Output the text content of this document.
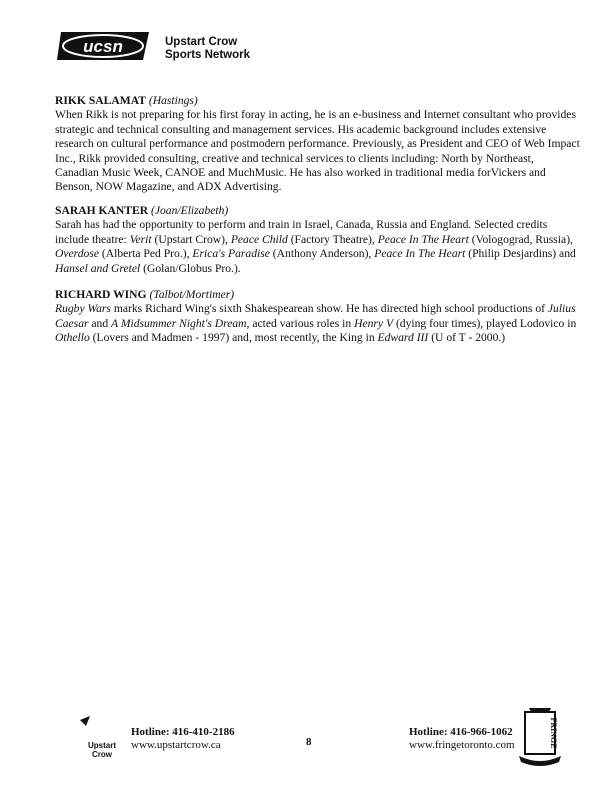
ucsn	Upstart Crow
Sports Network

RIKK SALAMAT (Hastings)

When Rikk is not preparing for his first foray in acting, he is an e-business and Internet consultant who provides strategic and technical consulting and management services. His academic background includes extensive research on cultural performance and postmodern performance. Previously, as President and CEO of Web Impact Inc., Rikk provided consulting, creative and technical services to clients including: North by Northeast, Canadian Music Week, CANOE and MuchMusic. He has also worked in traditional media forVickers and Benson, NOW Magazine, and ADX Advertising.

SARAH KANTER (Joan/Elizabeth)

Sarah has had the opportunity to perform and train in Israel, Canada, Russia and England. Selected credits include theatre: Verit (Upstart Crow), Peace Child (Factory Theatre), Peace In The Heart (Vologograd, Russia), Overdose (Alberta Ped Pro.), Erica's Paradise (Anthony Anderson), Peace In The Heart (Philip Desjardins) and Hansel and Gretel (Golan/Globus Pro.).

RICHARD WING (Talbot/Mortimer)

Rugby Wars marks Richard Wing's sixth Shakespearean show. He has directed high school productions of Julius Caesar and A Midsummer Night's Dream, acted various roles in Henry V (dying four times), played Lodovico in Othello (Lovers and Madmen - 1997) and, most recently, the King in Edward III (U of T - 2000.)

Upstart
Crow
Hotline: 416-410-2186
www.upstartcrow.ca	8
Hotline: 416-966-1062
www.fringetoronto.com	FRINGE
